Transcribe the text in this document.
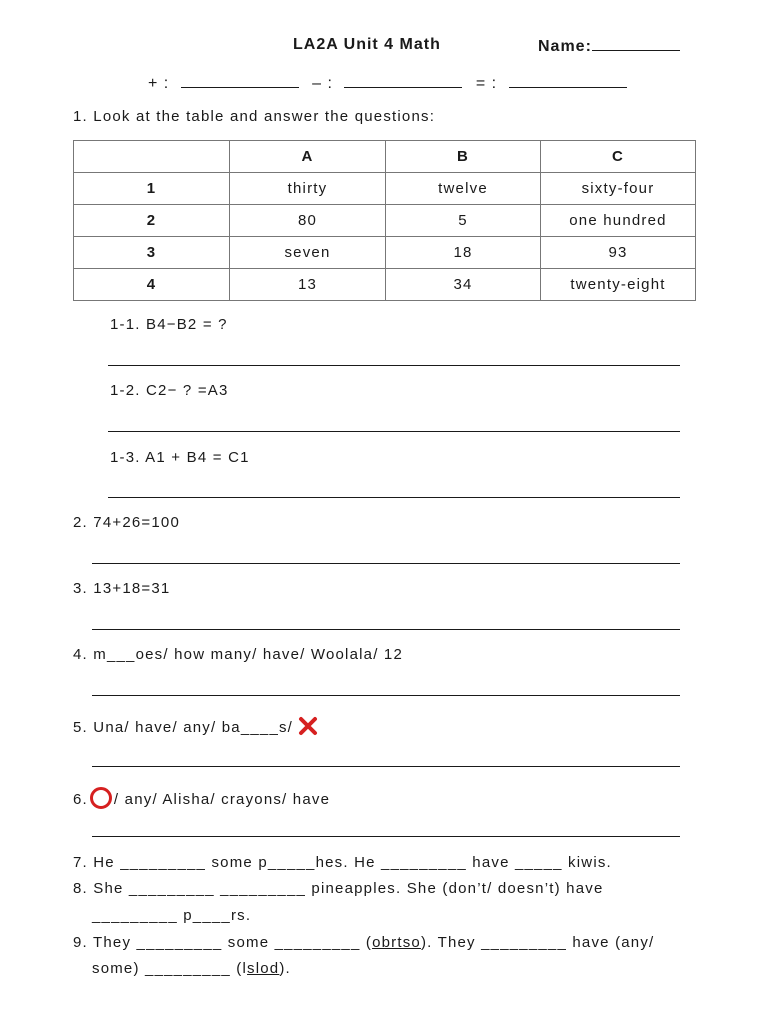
LA2A Unit 4 Math	Name:
+ :	– :	= :
1. Look at the table and answer the questions:
	A	B	C
1	thirty	twelve	sixty-four
2	80	5	one hundred
3	seven	18	93
4	13	34	twenty-eight
1-1. B4−B2 = ?
1-2. C2− ? =A3
1-3. A1 + B4 = C1
2. 74+26=100
3. 13+18=31
4. m___oes/ how many/ have/ Woolala/ 12
5. Una/ have/ any/ ba____s/
6. / any/ Alisha/ crayons/ have
7. He _________ some p_____hes. He _________ have _____ kiwis.
8. She _________ _________ pineapples. She (don’t/ doesn’t) have
_________ p____rs.
9. They _________ some _________ (obrtso). They _________ have (any/
some) _________ (lslod).
